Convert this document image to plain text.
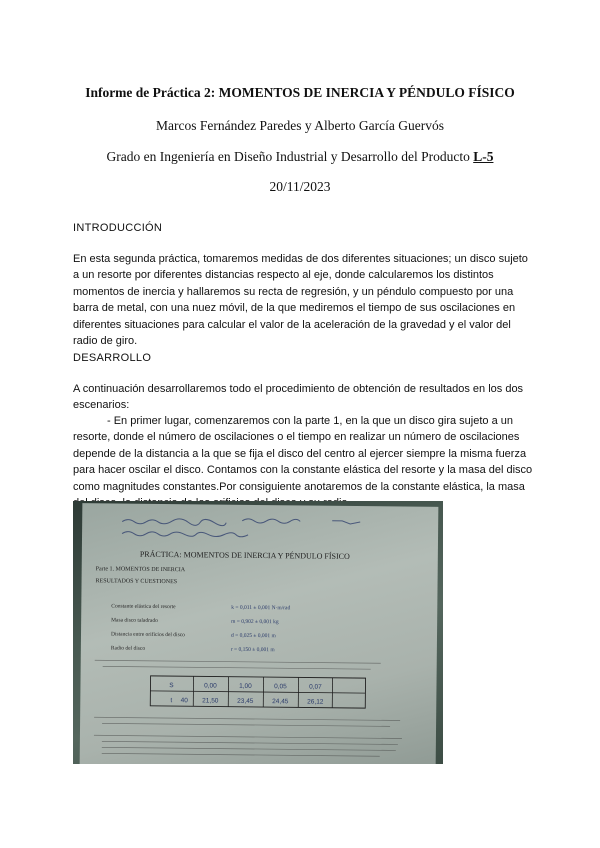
Informe de Práctica 2: MOMENTOS DE INERCIA Y PÉNDULO FÍSICO
Marcos Fernández Paredes y Alberto García Guervós
Grado en Ingeniería en Diseño Industrial y Desarrollo del Producto L-5
20/11/2023
INTRODUCCIÓN

En esta segunda práctica, tomaremos medidas de dos diferentes situaciones; un disco sujeto a un resorte por diferentes distancias respecto al eje, donde calcularemos los distintos momentos de inercia y hallaremos su recta de regresión, y un péndulo compuesto por una barra de metal, con una nuez móvil, de la que mediremos el tiempo de sus oscilaciones en diferentes situaciones para calcular el valor de la aceleración de la gravedad y el valor del radio de giro.

DESARROLLO

A continuación desarrollaremos todo el procedimiento de obtención de resultados en los dos escenarios:

- En primer lugar, comenzaremos con la parte 1, en la que un disco gira sujeto a un resorte, donde el número de oscilaciones o el tiempo en realizar un número de oscilaciones depende de la distancia a la que se fija el disco del centro al ejercer siempre la misma fuerza para hacer oscilar el disco. Contamos con la constante elástica del resorte y la masa del disco como magnitudes constantes.Por consiguiente anotaremos de la constante elástica, la masa

PRÁCTICA: MOMENTOS DE INERCIA Y PÉNDULO FÍSICO
Parte 1. MOMENTOS DE INERCIA
RESULTADOS Y CUESTIONES
Constante elástica del resorte	k = 0,011 ± 0,001 N·m/rad
Masa disco taladrado	m = 0,902 ± 0,001 kg
Distancia entre orificios del disco	d = 0,025 ± 0,001 m
Radio del disco	r = 0,150 ± 0,001 m
S	0,00	1,00	0,05	0,07
t 40 21,50	23,45	24,45	26,12
